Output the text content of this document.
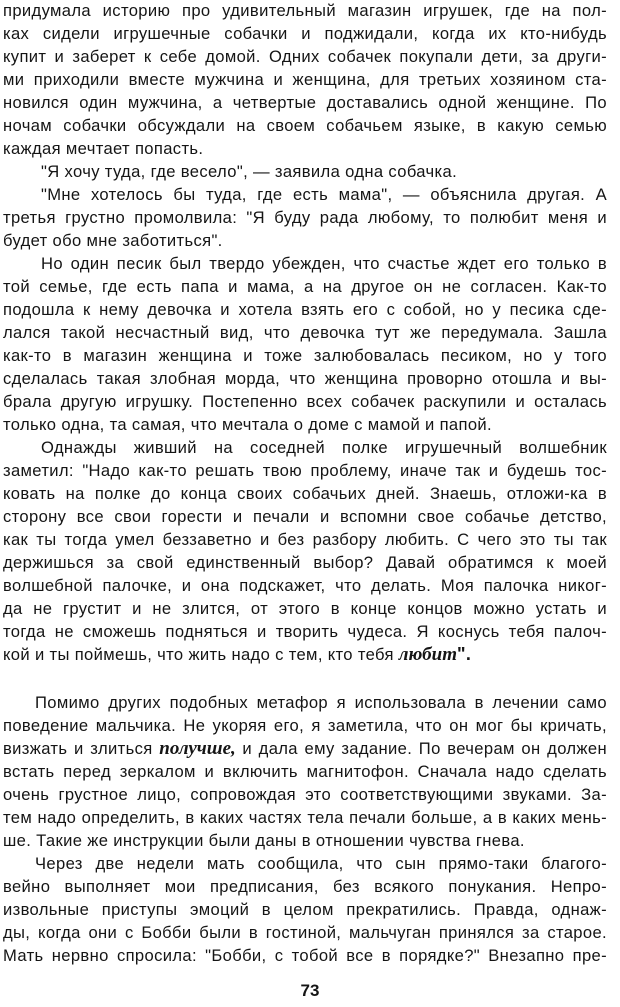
придумала историю про удивительный магазин игрушек, где на пол-
ках сидели игрушечные собачки и поджидали, когда их кто-нибудь
купит и заберет к себе домой. Одних собачек покупали дети, за други-
ми приходили вместе мужчина и женщина, для третьих хозяином ста-
новился один мужчина, а четвертые доставались одной женщине. По
ночам собачки обсуждали на своем собачьем языке, в какую семью
каждая мечтает попасть.
"Я хочу туда, где весело", — заявила одна собачка.
"Мне хотелось бы туда, где есть мама", — объяснила другая. А
третья грустно промолвила: "Я буду рада любому, то полюбит меня и
будет обо мне заботиться".
Но один песик был твердо убежден, что счастье ждет его только в
той семье, где есть папа и мама, а на другое он не согласен. Как-то
подошла к нему девочка и хотела взять его с собой, но у песика сде-
лался такой несчастный вид, что девочка тут же передумала. Зашла
как-то в магазин женщина и тоже залюбовалась песиком, но у того
сделалась такая злобная морда, что женщина проворно отошла и вы-
брала другую игрушку. Постепенно всех собачек раскупили и осталась
только одна, та самая, что мечтала о доме с мамой и папой.
Однажды живший на соседней полке игрушечный волшебник
заметил: "Надо как-то решать твою проблему, иначе так и будешь тос-
ковать на полке до конца своих собачьих дней. Знаешь, отложи-ка в
сторону все свои горести и печали и вспомни свое собачье детство,
как ты тогда умел беззаветно и без разбору любить. С чего это ты так
держишься за свой единственный выбор? Давай обратимся к моей
волшебной палочке, и она подскажет, что делать. Моя палочка никог-
да не грустит и не злится, от этого в конце концов можно устать и
тогда не сможешь подняться и творить чудеса. Я коснусь тебя палоч-
кой и ты поймешь, что жить надо с тем, кто тебя любит".
Помимо других подобных метафор я использовала в лечении само
поведение мальчика. Не укоряя его, я заметила, что он мог бы кричать,
визжать и злиться получше, и дала ему задание. По вечерам он должен
встать перед зеркалом и включить магнитофон. Сначала надо сделать
очень грустное лицо, сопровождая это соответствующими звуками. За-
тем надо определить, в каких частях тела печали больше, а в каких мень-
ше. Такие же инструкции были даны в отношении чувства гнева.
Через две недели мать сообщила, что сын прямо-таки благого-
вейно выполняет мои предписания, без всякого понукания. Непро-
извольные приступы эмоций в целом прекратились. Правда, однаж-
ды, когда они с Бобби были в гостиной, мальчуган принялся за старое.
Мать нервно спросила: "Бобби, с тобой все в порядке?" Внезапно пре-
73
